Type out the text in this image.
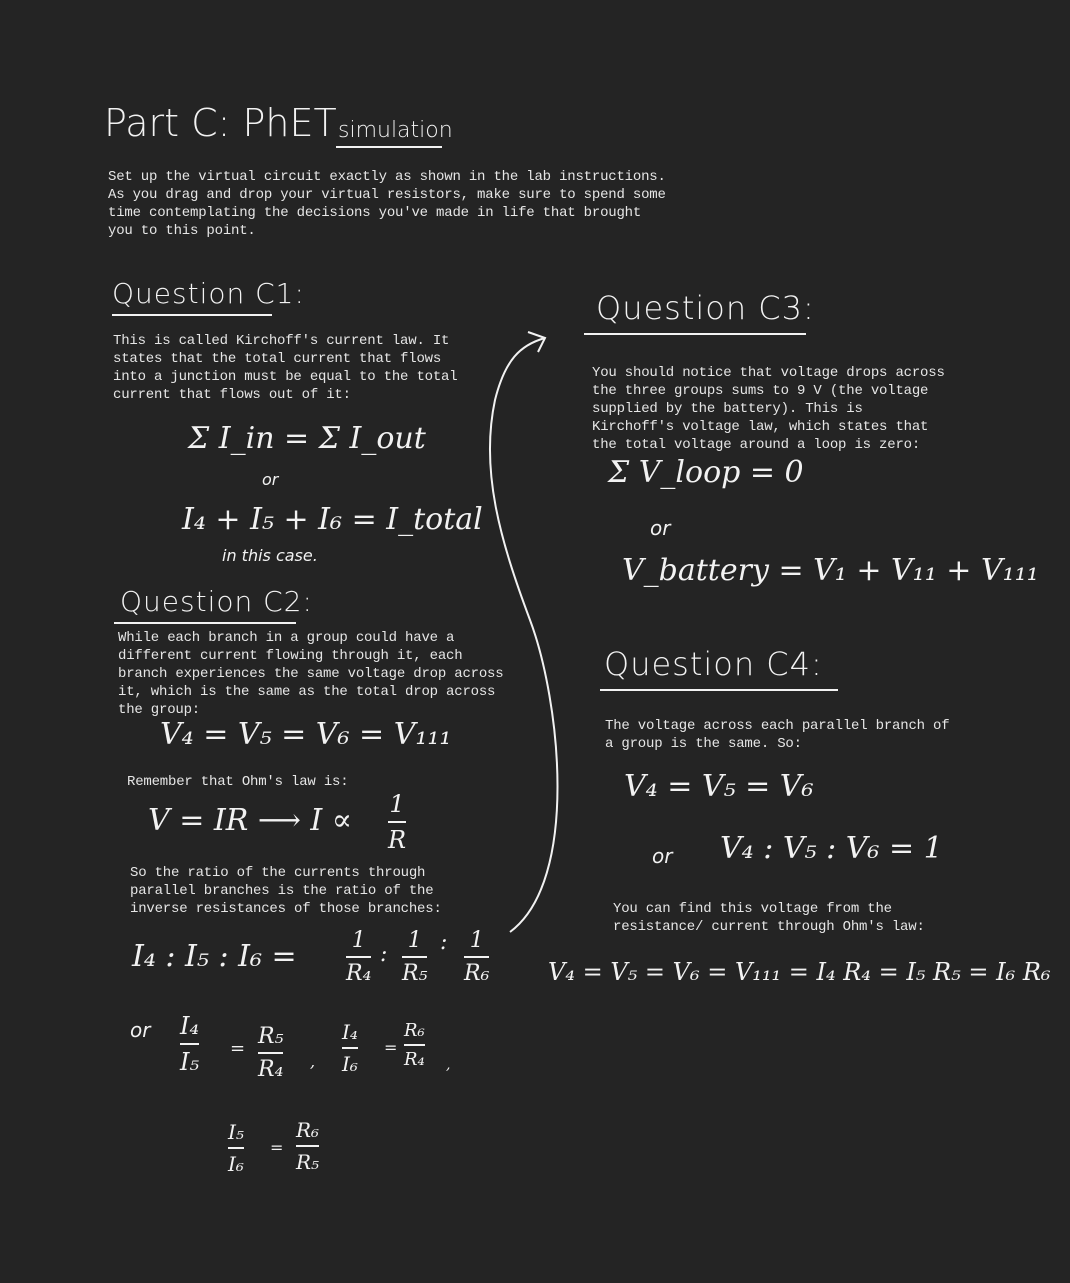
Part C: PhET simulation
Set up the virtual circuit exactly as shown in the lab instructions. As you drag and drop your virtual resistors, make sure to spend some time contemplating the decisions you've made in life that brought you to this point.
Question C1:
This is called Kirchoff's current law. It states that the total current that flows into a junction must be equal to the total current that flows out of it:
Σ I_in = Σ I_out
or
I₄ + I₅ + I₆ = I_total
in this case.
Question C2:
While each branch in a group could have a different current flowing through it, each branch experiences the same voltage drop across it, which is the same as the total drop across the group:
V₄ = V₅ = V₆ = V₁₁₁
Remember that Ohm's law is:
V = IR ⟶ I ∝ 1
R
So the ratio of the currents through parallel branches is the ratio of the inverse resistances of those branches:
I₄ : I₅ : I₆ =	1
R₄
:
1
R₅
: 1
R₆
or I₄
I₅ = R₅
R₄ ,
I₄
I₆
=
R₆
R₄ ,
I₅
I₆
=
R₆
R₅
Question C3:
You should notice that voltage drops across the three groups sums to 9 V (the voltage supplied by the battery). This is Kirchoff's voltage law, which states that the total voltage around a loop is zero:
Σ V_loop = 0
or
V_battery = V₁ + V₁₁ + V₁₁₁
Question C4:
The voltage across each parallel branch of a group is the same. So:
V₄ = V₅ = V₆
or V₄ : V₅ : V₆ = 1
You can find this voltage from the resistance/ current through Ohm's law:
V₄ = V₅ = V₆ = V₁₁₁ = I₄ R₄ = I₅ R₅ = I₆ R₆
